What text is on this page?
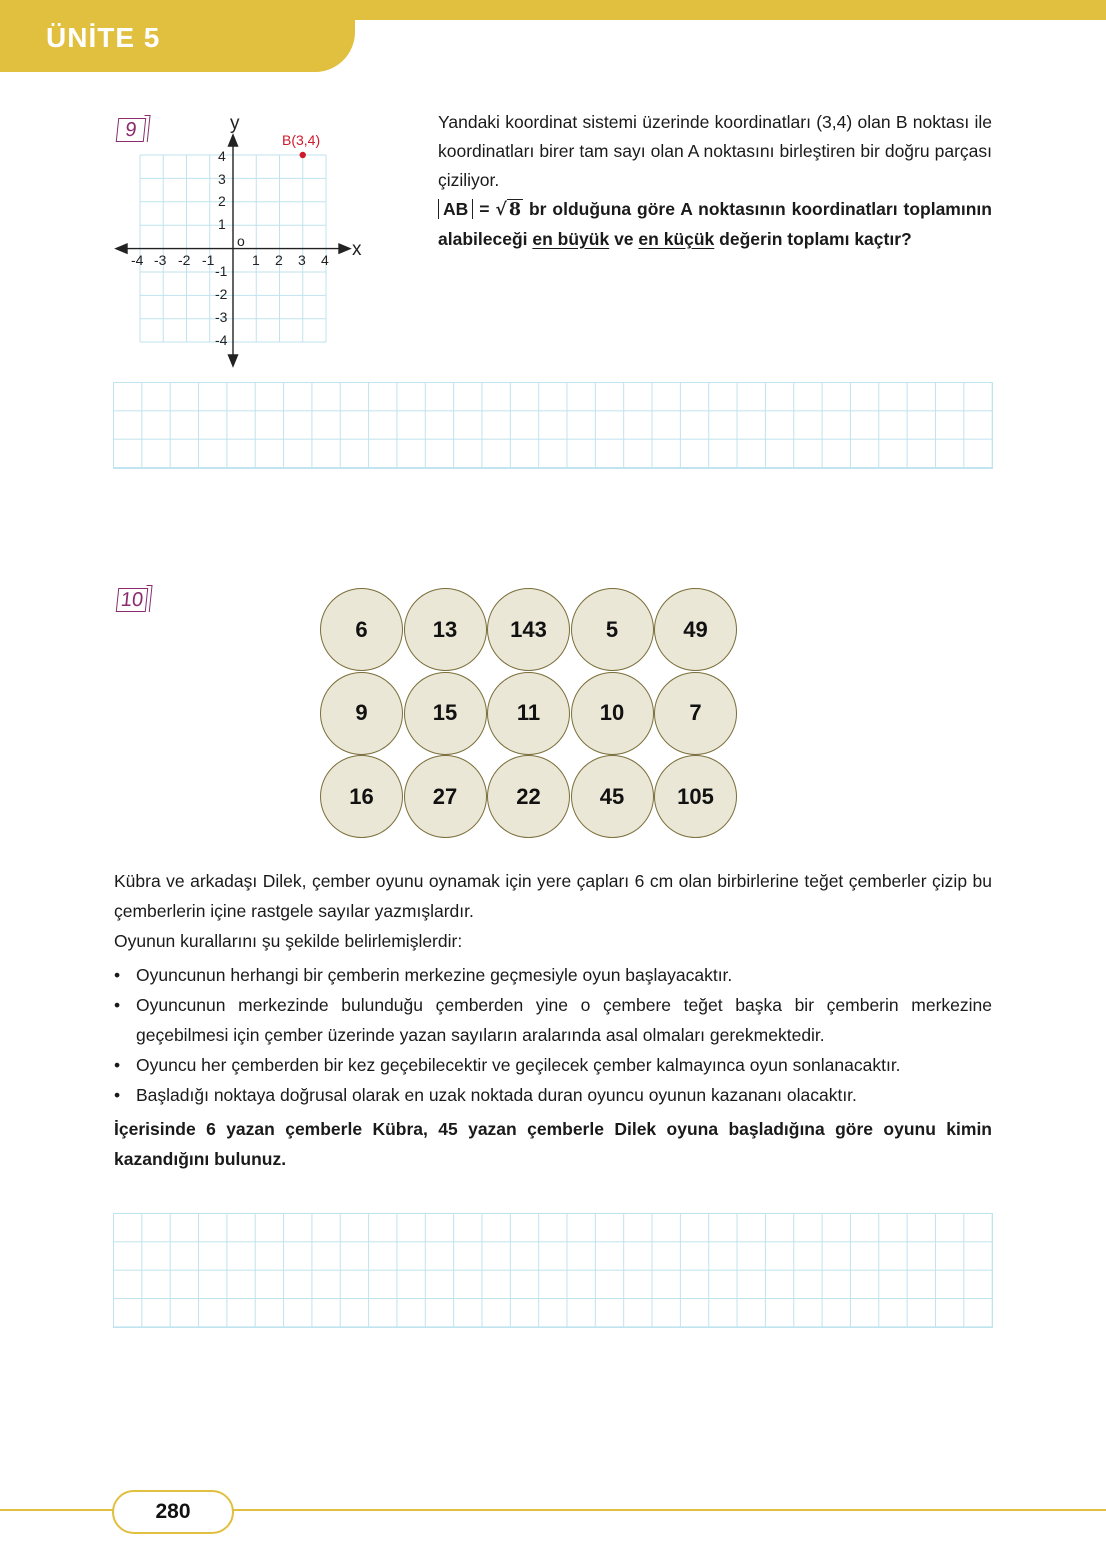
ÜNİTE 5
9	y
x
o
-4 -3 -2 -1	1 2 3 4
4
3
2
1
-1
-2
-3
-4
B(3,4)

Yandaki koordinat sistemi üzerinde koordinatları (3,4) olan B noktası ile koordinatları birer tam sayı olan A noktasını birleştiren bir doğru parçası çiziliyor.

AB = √ 8 br olduğuna göre A noktasının koordinatları toplamının alabileceği en büyük ve en küçük değerin toplamı kaçtır?

10
6	13	143	5	49
9	15	11	10	7
16	27	22	45	105

Kübra ve arkadaşı Dilek, çember oyunu oynamak için yere çapları 6 cm olan birbirlerine teğet çemberler çizip bu çemberlerin içine rastgele sayılar yazmışlardır.

Oyunun kurallarını şu şekilde belirlemişlerdir:

• Oyuncunun herhangi bir çemberin merkezine geçmesiyle oyun başlayacaktır.
• Oyuncunun merkezinde bulunduğu çemberden yine o çembere teğet başka bir çemberin merkezine geçebilmesi için çember üzerinde yazan sayıların aralarında asal olmaları gerekmektedir.
• Oyuncu her çemberden bir kez geçebilecektir ve geçilecek çember kalmayınca oyun sonlanacaktır.
• Başladığı noktaya doğrusal olarak en uzak noktada duran oyuncu oyunun kazananı olacaktır.

İçerisinde 6 yazan çemberle Kübra, 45 yazan çemberle Dilek oyuna başladığına göre oyunu kimin kazandığını bulunuz.

280
